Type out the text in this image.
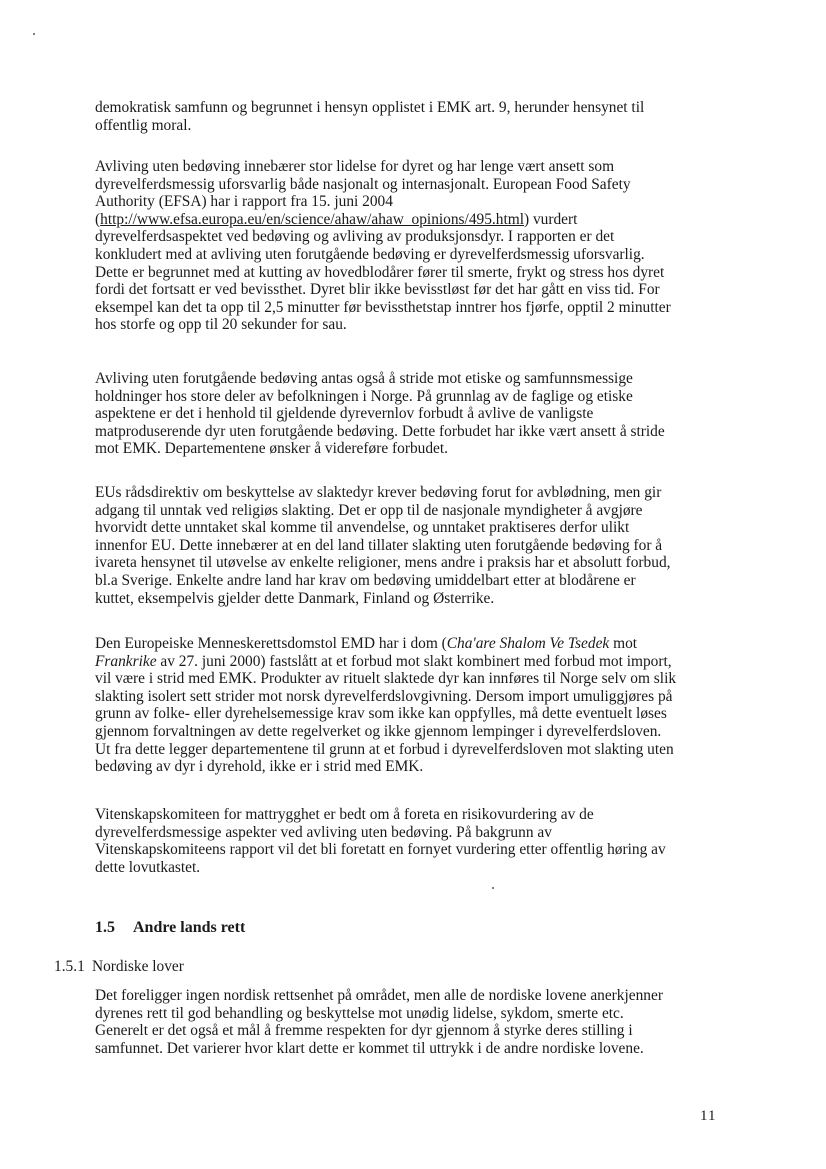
demokratisk samfunn og begrunnet i hensyn opplistet i EMK art. 9, herunder hensynet til
offentlig moral.
Avliving uten bedøving innebærer stor lidelse for dyret og har lenge vært ansett som
dyrevelferdsmessig uforsvarlig både nasjonalt og internasjonalt. European Food Safety
Authority (EFSA) har i rapport fra 15. juni 2004
(http://www.efsa.europa.eu/en/science/ahaw/ahaw_opinions/495.html) vurdert
dyrevelferdsaspektet ved bedøving og avliving av produksjonsdyr. I rapporten er det
konkludert med at avliving uten forutgående bedøving er dyrevelferdsmessig uforsvarlig.
Dette er begrunnet med at kutting av hovedblodårer fører til smerte, frykt og stress hos dyret
fordi det fortsatt er ved bevissthet. Dyret blir ikke bevisstløst før det har gått en viss tid. For
eksempel kan det ta opp til 2,5 minutter før bevissthetstap inntrer hos fjørfe, opptil 2 minutter
hos storfe og opp til 20 sekunder for sau.
Avliving uten forutgående bedøving antas også å stride mot etiske og samfunnsmessige
holdninger hos store deler av befolkningen i Norge. På grunnlag av de faglige og etiske
aspektene er det i henhold til gjeldende dyrevernlov forbudt å avlive de vanligste
matproduserende dyr uten forutgående bedøving. Dette forbudet har ikke vært ansett å stride
mot EMK. Departementene ønsker å videreføre forbudet.
EUs rådsdirektiv om beskyttelse av slaktedyr krever bedøving forut for avblødning, men gir
adgang til unntak ved religiøs slakting. Det er opp til de nasjonale myndigheter å avgjøre
hvorvidt dette unntaket skal komme til anvendelse, og unntaket praktiseres derfor ulikt
innenfor EU. Dette innebærer at en del land tillater slakting uten forutgående bedøving for å
ivareta hensynet til utøvelse av enkelte religioner, mens andre i praksis har et absolutt forbud,
bl.a Sverige. Enkelte andre land har krav om bedøving umiddelbart etter at blodårene er
kuttet, eksempelvis gjelder dette Danmark, Finland og Østerrike.
Den Europeiske Menneskerettsdomstol EMD har i dom (Cha'are Shalom Ve Tsedek mot
Frankrike av 27. juni 2000) fastslått at et forbud mot slakt kombinert med forbud mot import,
vil være i strid med EMK. Produkter av rituelt slaktede dyr kan innføres til Norge selv om slik
slakting isolert sett strider mot norsk dyrevelferdslovgivning. Dersom import umuliggjøres på
grunn av folke- eller dyrehelsemessige krav som ikke kan oppfylles, må dette eventuelt løses
gjennom forvaltningen av dette regelverket og ikke gjennom lempinger i dyrevelferdsloven.
Ut fra dette legger departementene til grunn at et forbud i dyrevelferdsloven mot slakting uten
bedøving av dyr i dyrehold, ikke er i strid med EMK.
Vitenskapskomiteen for mattrygghet er bedt om å foreta en risikovurdering av de
dyrevelferdsmessige aspekter ved avliving uten bedøving. På bakgrunn av
Vitenskapskomiteens rapport vil det bli foretatt en fornyet vurdering etter offentlig høring av
dette lovutkastet.
1.5 Andre lands rett
1.5.1 Nordiske lover
Det foreligger ingen nordisk rettsenhet på området, men alle de nordiske lovene anerkjenner
dyrenes rett til god behandling og beskyttelse mot unødig lidelse, sykdom, smerte etc.
Generelt er det også et mål å fremme respekten for dyr gjennom å styrke deres stilling i
samfunnet. Det varierer hvor klart dette er kommet til uttrykk i de andre nordiske lovene.
11
